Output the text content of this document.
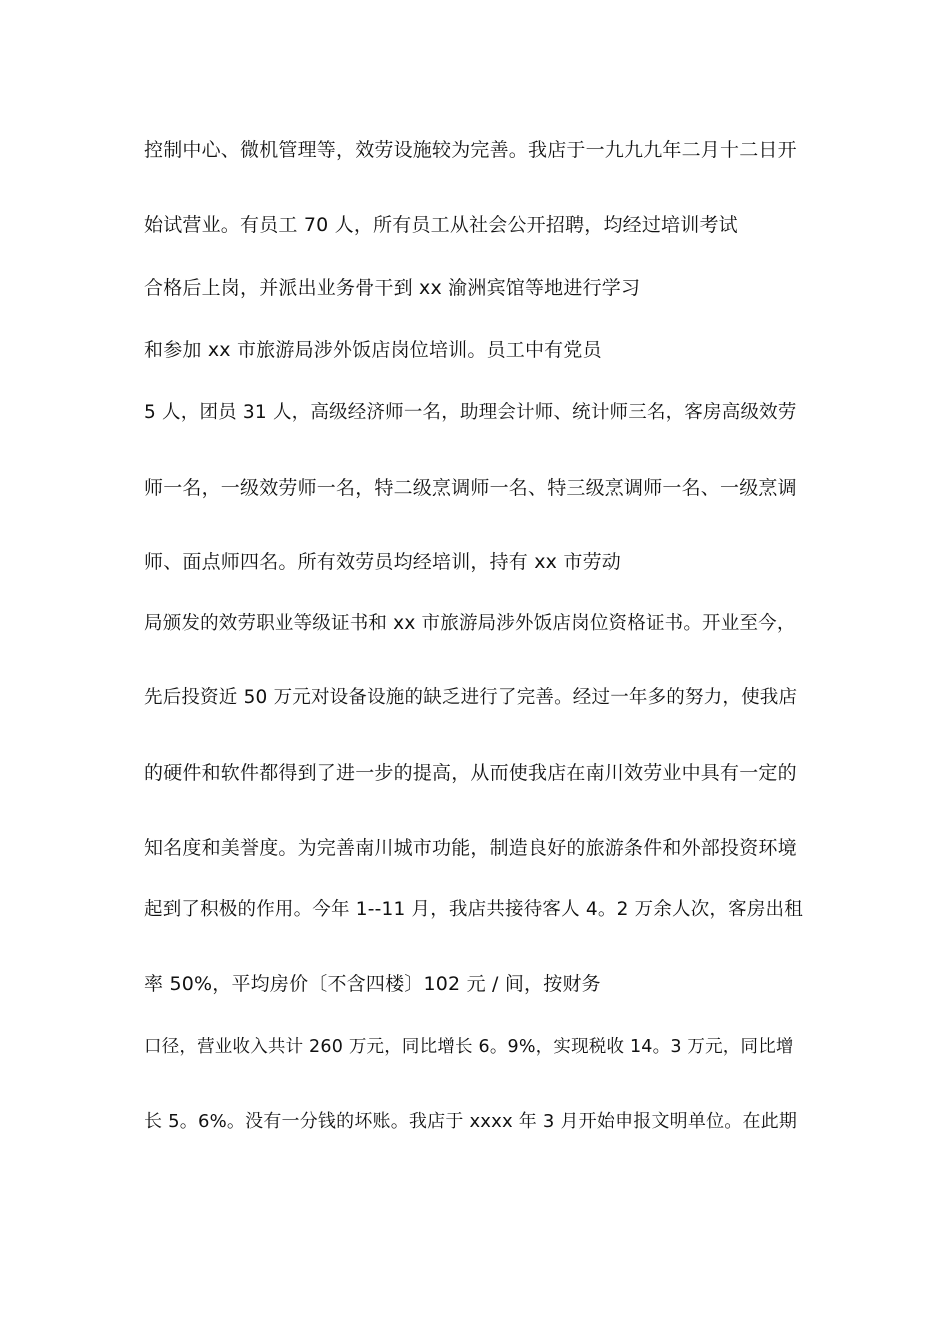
控制中心、微机管理等，效劳设施较为完善。我店于一九九九年二月十二日开
始试营业。有员工 70 人，所有员工从社会公开招聘，均经过培训考试
合格后上岗，并派出业务骨干到 xx 渝洲宾馆等地进行学习
和参加 xx 市旅游局涉外饭店岗位培训。员工中有党员
5 人，团员 31 人，高级经济师一名，助理会计师、统计师三名，客房高级效劳
师一名，一级效劳师一名，特二级烹调师一名、特三级烹调师一名、一级烹调
师、面点师四名。所有效劳员均经培训，持有 xx 市劳动
局颁发的效劳职业等级证书和 xx 市旅游局涉外饭店岗位资格证书。开业至今，
先后投资近 50 万元对设备设施的缺乏进行了完善。经过一年多的努力，使我店
的硬件和软件都得到了进一步的提高，从而使我店在南川效劳业中具有一定的
知名度和美誉度。为完善南川城市功能，制造良好的旅游条件和外部投资环境
起到了积极的作用。今年 1--11 月，我店共接待客人 4。2 万余人次，客房出租
率 50%，平均房价〔不含四楼〕102 元 / 间，按财务
口径，营业收入共计 260 万元，同比增长 6。9%，实现税收 14。3 万元，同比增
长 5。6%。没有一分钱的坏账。我店于 xxxx 年 3 月开始申报文明单位。在此期
